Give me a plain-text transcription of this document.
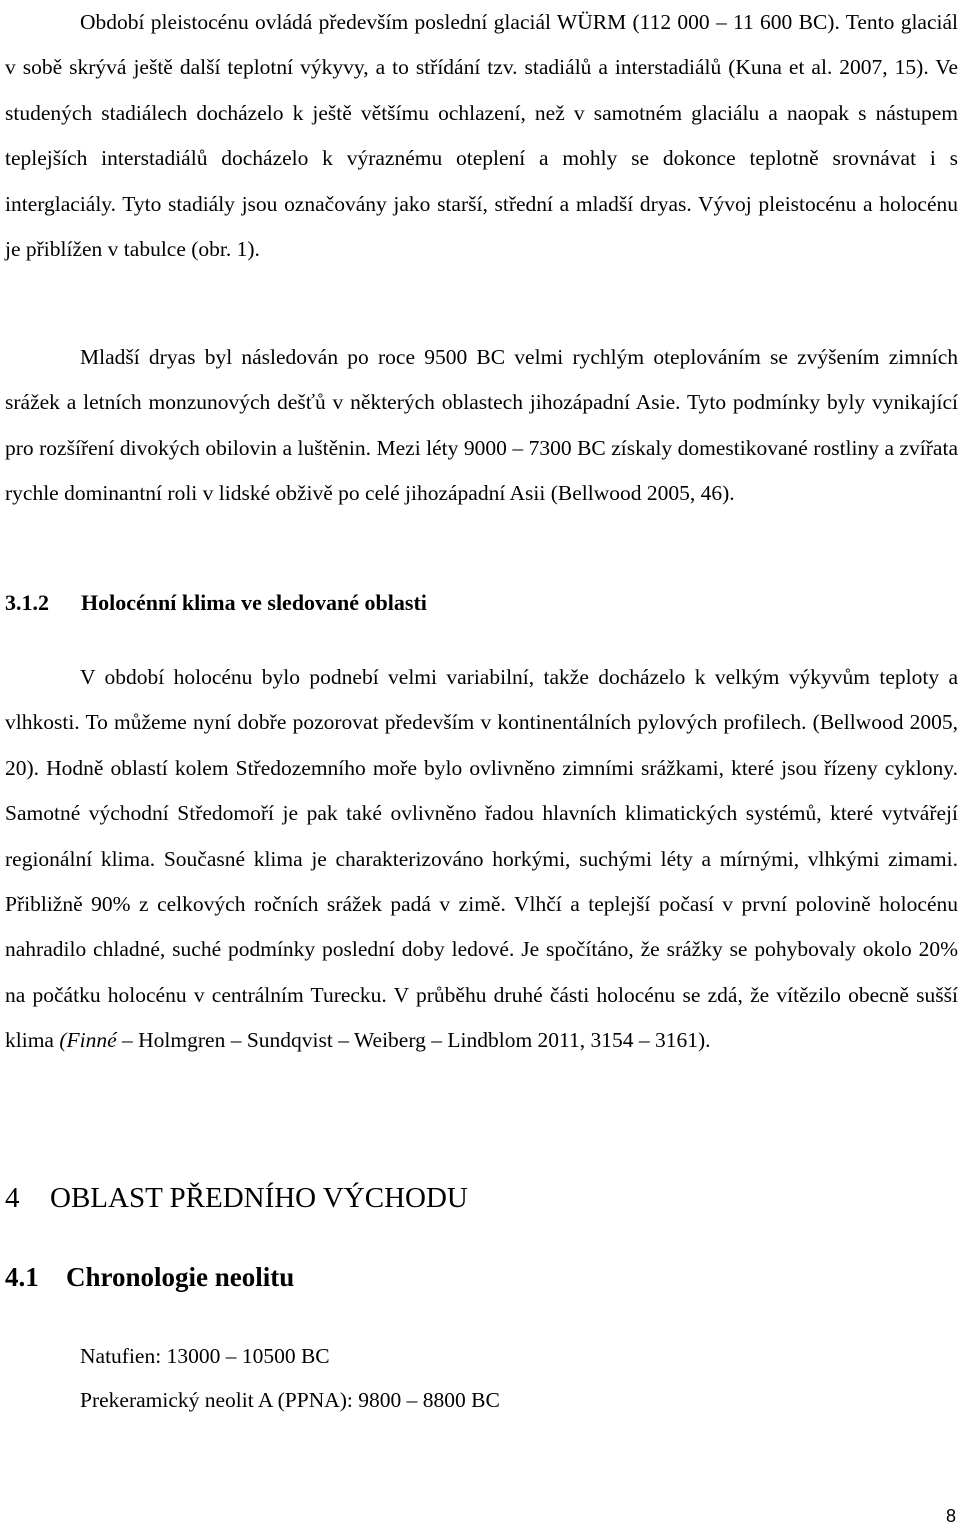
Období pleistocénu ovládá především poslední glaciál WÜRM (112 000 – 11 600 BC). Tento glaciál v sobě skrývá ještě další teplotní výkyvy, a to střídání tzv. stadiálů a interstadiálů (Kuna et al. 2007, 15). Ve studených stadiálech docházelo k ještě většímu ochlazení, než v samotném glaciálu a naopak s nástupem teplejších interstadiálů docházelo k výraznému oteplení a mohly se dokonce teplotně srovnávat i s interglaciály. Tyto stadiály jsou označovány jako starší, střední a mladší dryas. Vývoj pleistocénu a holocénu je přiblížen v tabulce (obr. 1).

Mladší dryas byl následován po roce 9500 BC velmi rychlým oteplováním se zvýšením zimních srážek a letních monzunových dešťů v některých oblastech jihozápadní Asie. Tyto podmínky byly vynikající pro rozšíření divokých obilovin a luštěnin. Mezi léty 9000 – 7300 BC získaly domestikované rostliny a zvířata rychle dominantní roli v lidské obživě po celé jihozápadní Asii (Bellwood 2005, 46).

3.1.2 Holocénní klima ve sledované oblasti

V období holocénu bylo podnebí velmi variabilní, takže docházelo k velkým výkyvům teploty a vlhkosti. To můžeme nyní dobře pozorovat především v kontinentálních pylových profilech. (Bellwood 2005, 20). Hodně oblastí kolem Středozemního moře bylo ovlivněno zimními srážkami, které jsou řízeny cyklony. Samotné východní Středomoří je pak také ovlivněno řadou hlavních klimatických systémů, které vytvářejí regionální klima. Současné klima je charakterizováno horkými, suchými léty a mírnými, vlhkými zimami. Přibližně 90% z celkových ročních srážek padá v zimě. Vlhčí a teplejší počasí v první polovině holocénu nahradilo chladné, suché podmínky poslední doby ledové. Je spočítáno, že srážky se pohybovaly okolo 20% na počátku holocénu v centrálním Turecku. V průběhu druhé části holocénu se zdá, že vítězilo obecně sušší klima (Finné – Holmgren – Sundqvist – Weiberg – Lindblom 2011, 3154 – 3161).

4 OBLAST PŘEDNÍHO VÝCHODU
4.1 Chronologie neolitu
Natufien: 13000 – 10500 BC
Prekeramický neolit A (PPNA): 9800 – 8800 BC
8
